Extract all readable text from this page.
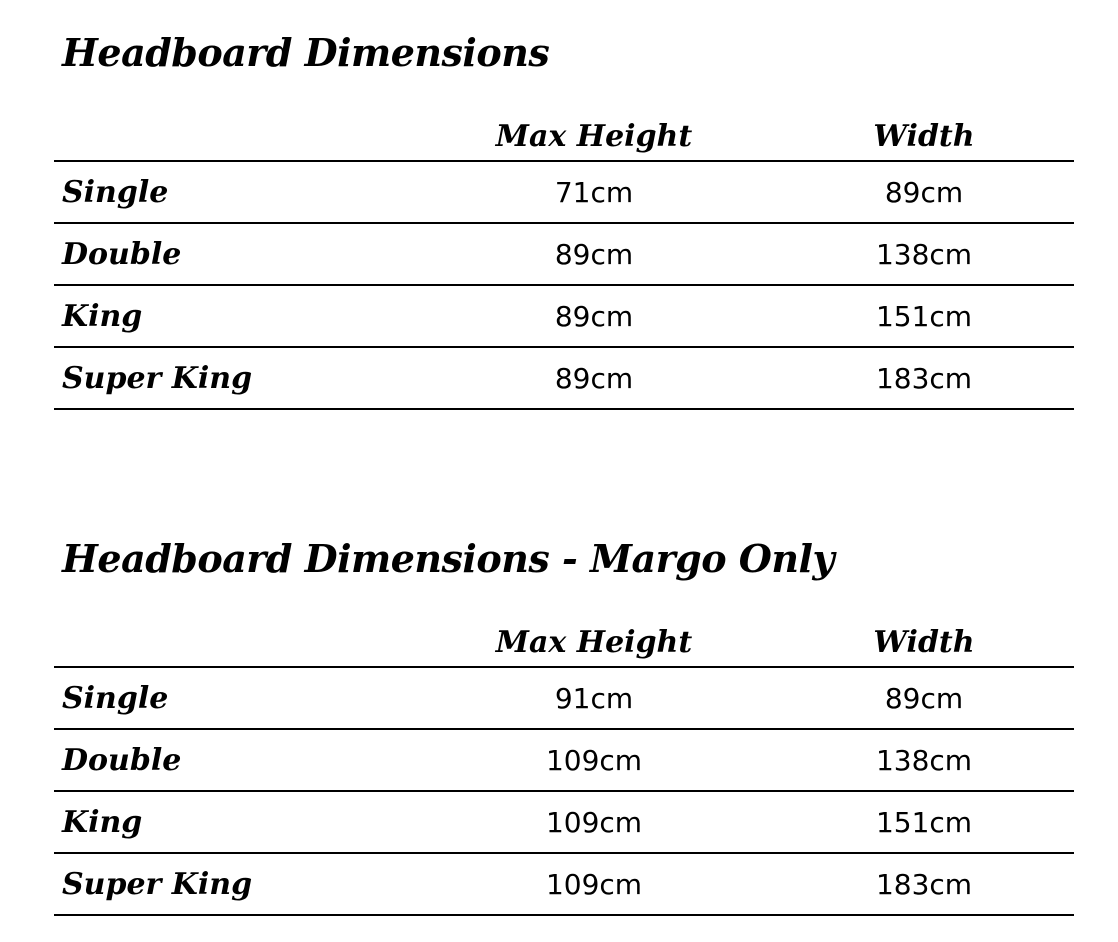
Headboard Dimensions
	Max Height	Width
Single	71cm	89cm
Double	89cm	138cm
King	89cm	151cm
Super King	89cm	183cm
Headboard Dimensions - Margo Only
	Max Height	Width
Single	91cm	89cm
Double	109cm	138cm
King	109cm	151cm
Super King	109cm	183cm
